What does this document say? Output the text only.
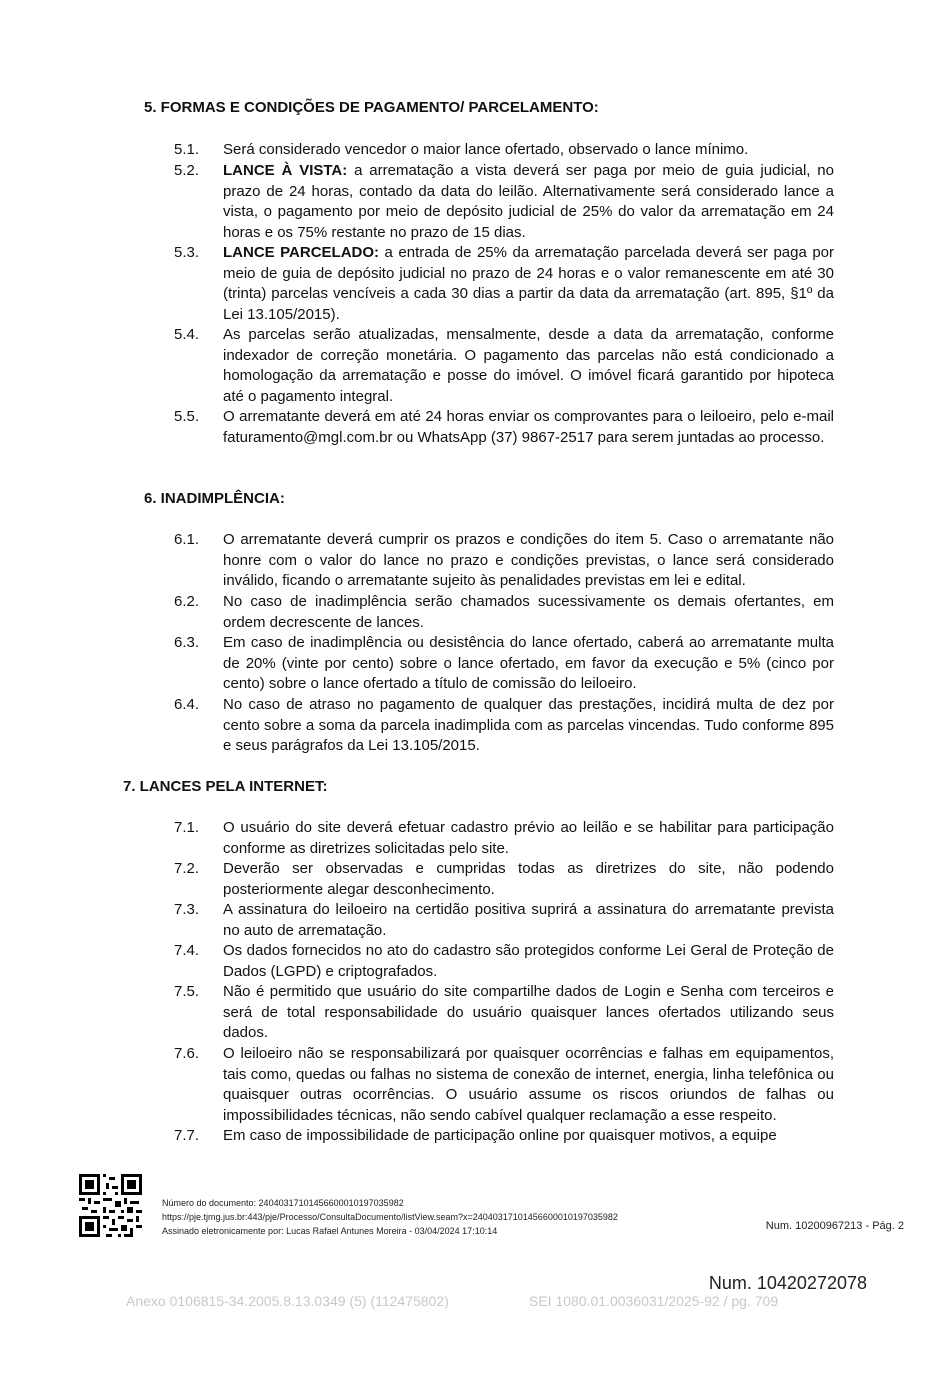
5. FORMAS E CONDIÇÕES DE PAGAMENTO/ PARCELAMENTO:
5.1.	Será considerado vencedor o maior lance ofertado, observado o lance mínimo.
5.2.	LANCE À VISTA: a arrematação a vista deverá ser paga por meio de guia judicial, no prazo de 24 horas, contado da data do leilão. Alternativamente será considerado lance a vista, o pagamento por meio de depósito judicial de 25% do valor da arrematação em 24 horas e os 75% restante no prazo de 15 dias.
5.3.	LANCE PARCELADO: a entrada de 25% da arrematação parcelada deverá ser paga por meio de guia de depósito judicial no prazo de 24 horas e o valor remanescente em até 30 (trinta) parcelas vencíveis a cada 30 dias a partir da data da arrematação (art. 895, §1º da Lei 13.105/2015).
5.4.	As parcelas serão atualizadas, mensalmente, desde a data da arrematação, conforme indexador de correção monetária. O pagamento das parcelas não está condicionado a homologação da arrematação e posse do imóvel. O imóvel ficará garantido por hipoteca até o pagamento integral.
5.5.	O arrematante deverá em até 24 horas enviar os comprovantes para o leiloeiro, pelo e-mail faturamento@mgl.com.br ou WhatsApp (37) 9867-2517 para serem juntadas ao processo.
6. INADIMPLÊNCIA:
6.1.	O arrematante deverá cumprir os prazos e condições do item 5. Caso o arrematante não honre com o valor do lance no prazo e condições previstas, o lance será considerado inválido, ficando o arrematante sujeito às penalidades previstas em lei e edital.
6.2.	No caso de inadimplência serão chamados sucessivamente os demais ofertantes, em ordem decrescente de lances.
6.3.	Em caso de inadimplência ou desistência do lance ofertado, caberá ao arrematante multa de 20% (vinte por cento) sobre o lance ofertado, em favor da execução e 5% (cinco por cento) sobre o lance ofertado a título de comissão do leiloeiro.
6.4.	No caso de atraso no pagamento de qualquer das prestações, incidirá multa de dez por cento sobre a soma da parcela inadimplida com as parcelas vincendas. Tudo conforme 895 e seus parágrafos da Lei 13.105/2015.
7. LANCES PELA INTERNET:
7.1.	O usuário do site deverá efetuar cadastro prévio ao leilão e se habilitar para participação conforme as diretrizes solicitadas pelo site.
7.2.	Deverão ser observadas e cumpridas todas as diretrizes do site, não podendo posteriormente alegar desconhecimento.
7.3.	A assinatura do leiloeiro na certidão positiva suprirá a assinatura do arrematante prevista no auto de arrematação.
7.4.	Os dados fornecidos no ato do cadastro são protegidos conforme Lei Geral de Proteção de Dados (LGPD) e criptografados.
7.5.	Não é permitido que usuário do site compartilhe dados de Login e Senha com terceiros e será de total responsabilidade do usuário quaisquer lances ofertados utilizando seus dados.
7.6.	O leiloeiro não se responsabilizará por quaisquer ocorrências e falhas em equipamentos, tais como, quedas ou falhas no sistema de conexão de internet, energia, linha telefônica ou quaisquer outras ocorrências. O usuário assume os riscos oriundos de falhas ou impossibilidades técnicas, não sendo cabível qualquer reclamação a esse respeito.
7.7.	Em caso de impossibilidade de participação online por quaisquer motivos, a equipe
Número do documento: 24040317101456600010197035982
https://pje.tjmg.jus.br:443/pje/Processo/ConsultaDocumento/listView.seam?x=24040317101456600010197035982
Assinado eletronicamente por: Lucas Rafael Antunes Moreira - 03/04/2024 17:10:14	Num. 10200967213 - Pág. 2
Num. 10420272078
Anexo 0106815-34.2005.8.13.0349 (5) (112475802)	SEI 1080.01.0036031/2025-92 / pg. 709
